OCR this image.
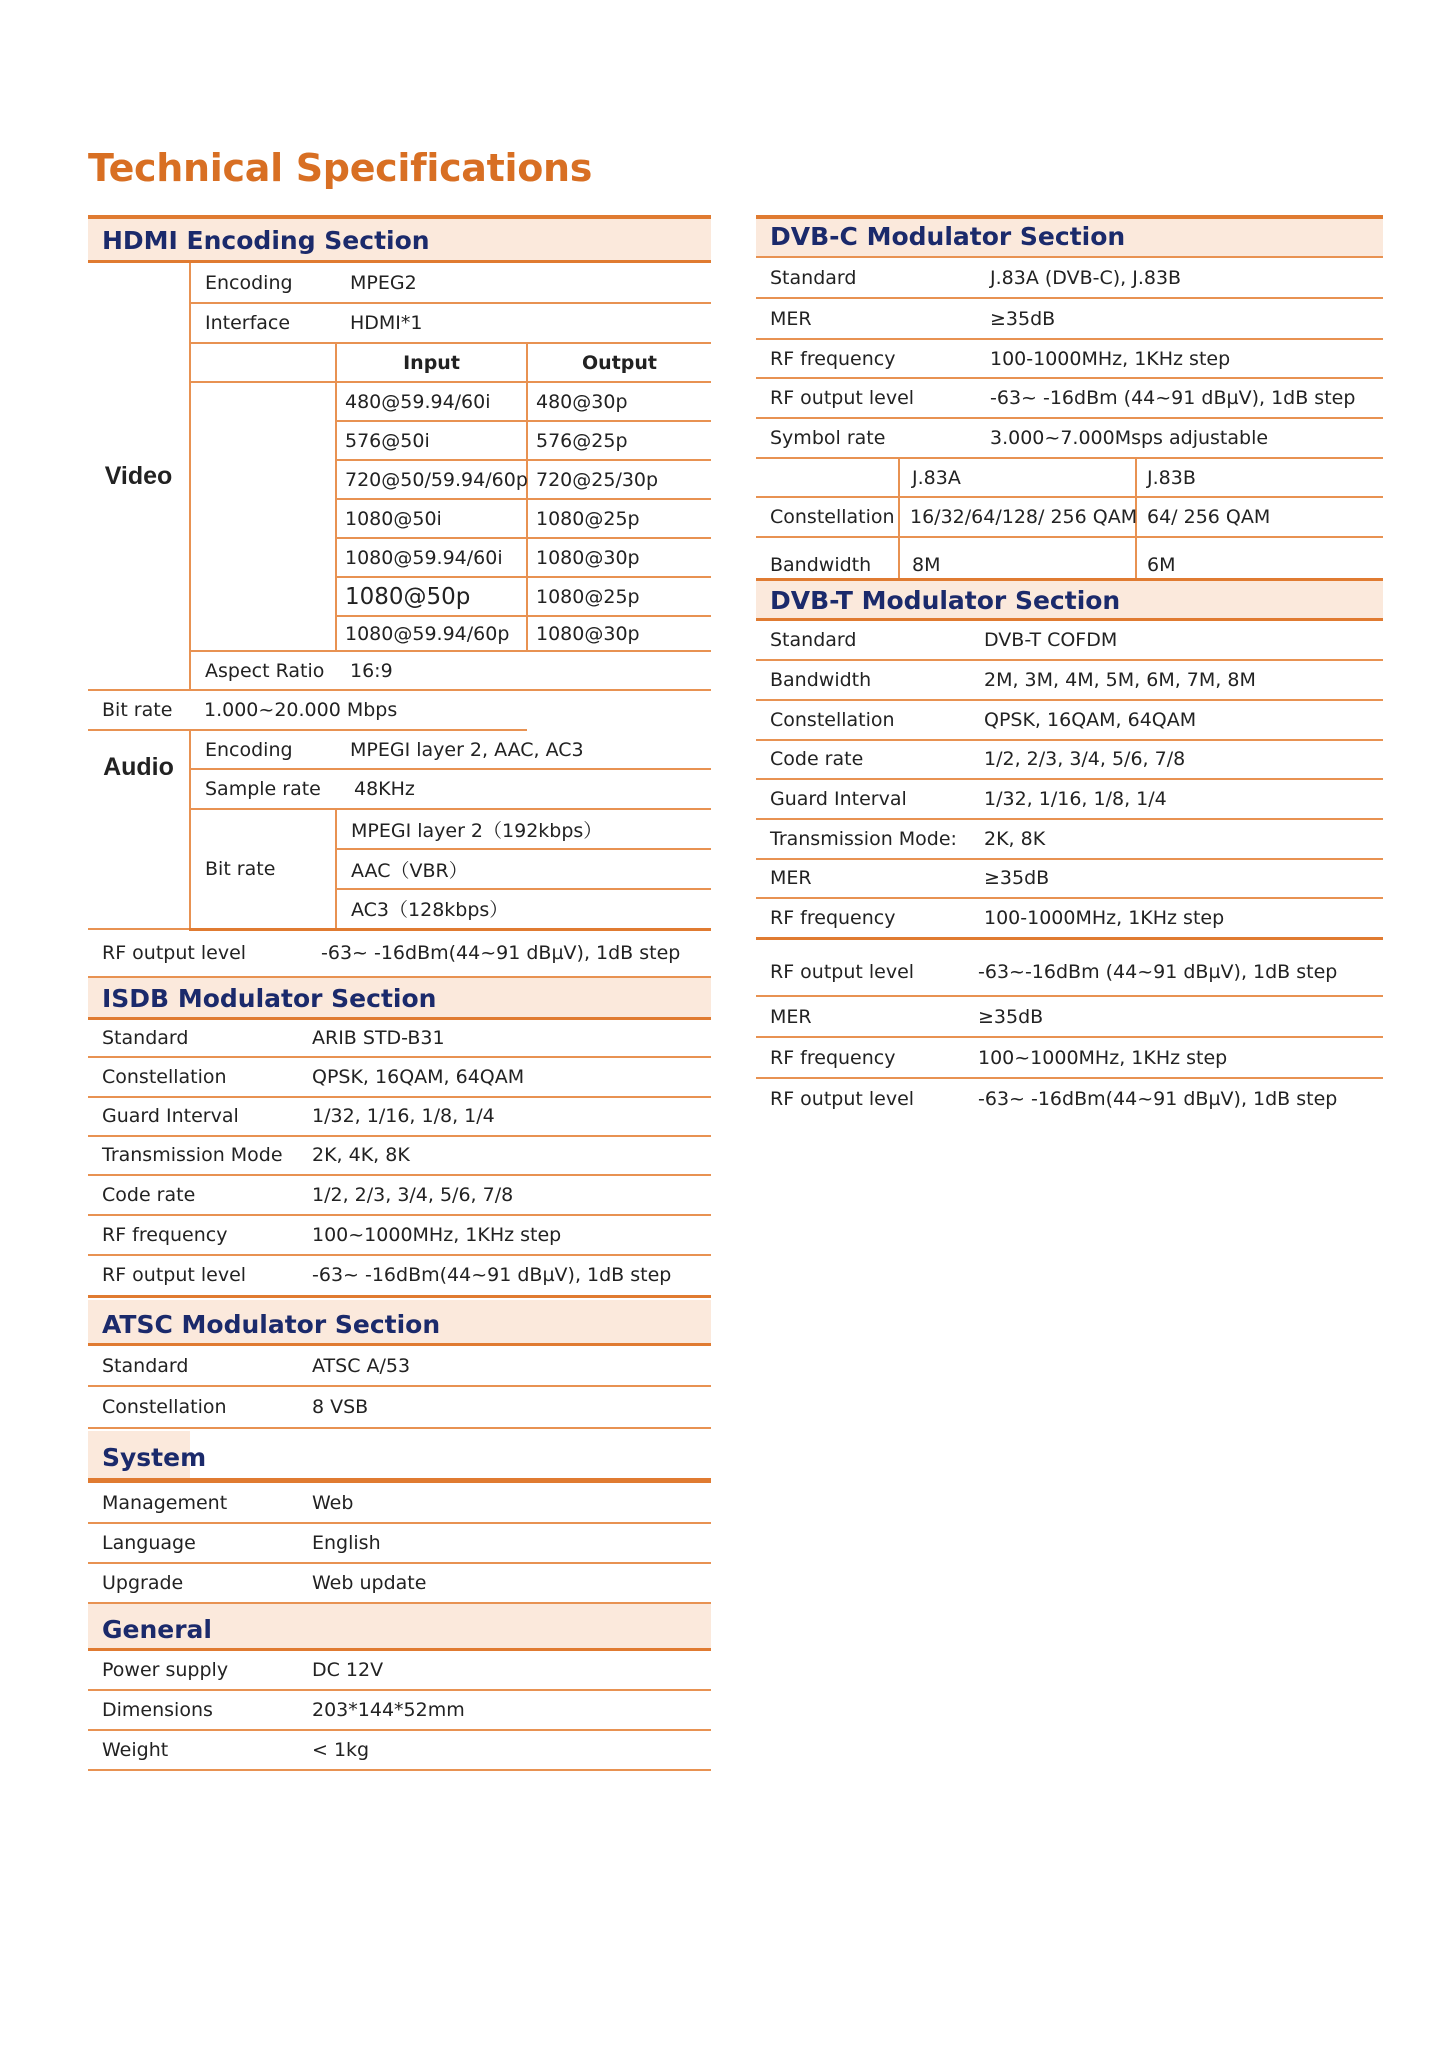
Technical Specifications
HDMI Encoding Section
Video	Encoding	MPEG2	
	Interface	HDMI*1	
		Input	Output
		480@59.94/60i	480@30p
		576@50i	576@25p
		720@50/59.94/60p	720@25/30p
		1080@50i	1080@25p
		1080@59.94/60i	1080@30p
		1080@50p	1080@25p
		1080@59.94/60p	1080@30p
	Aspect Ratio	16:9	
Bit rate	1.000~20.000 Mbps		
Audio	Encoding	MPEGI layer 2, AAC, AC3	
	Sample rate	48KHz	
	Bit rate	MPEGI layer 2（192kbps）	
		AAC（VBR）	
		AC3（128kbps）	
RF output level	-63~ -16dBm(44~91 dBµV), 1dB step
ISDB Modulator Section
Standard	ARIB STD-B31
Constellation	QPSK, 16QAM, 64QAM
Guard Interval	1/32, 1/16, 1/8, 1/4
Transmission Mode	2K, 4K, 8K
Code rate	1/2, 2/3, 3/4, 5/6, 7/8
RF frequency	100~1000MHz, 1KHz step
RF output level	-63~ -16dBm(44~91 dBµV), 1dB step
ATSC Modulator Section
Standard	ATSC A/53
Constellation	8 VSB
System
Management	Web
Language	English
Upgrade	Web update
General
Power supply	DC 12V
Dimensions	203*144*52mm
Weight	< 1kg
DVB-C Modulator Section
Standard	J.83A (DVB-C), J.83B
MER	≥35dB
RF frequency	100-1000MHz, 1KHz step
RF output level	-63~ -16dBm (44~91 dBµV), 1dB step
Symbol rate	3.000~7.000Msps adjustable
	J.83A	J.83B
Constellation	16/32/64/128/ 256 QAM	64/ 256 QAM
Bandwidth	8M	6M
DVB-T Modulator Section
Standard	DVB-T COFDM
Bandwidth	2M, 3M, 4M, 5M, 6M, 7M, 8M
Constellation	QPSK, 16QAM, 64QAM
Code rate	1/2, 2/3, 3/4, 5/6, 7/8
Guard Interval	1/32, 1/16, 1/8, 1/4
Transmission Mode:	2K, 8K
MER	≥35dB
RF frequency	100-1000MHz, 1KHz step
RF output level	-63~-16dBm (44~91 dBµV), 1dB step
MER	≥35dB
RF frequency	100~1000MHz, 1KHz step
RF output level	-63~ -16dBm(44~91 dBµV), 1dB step
